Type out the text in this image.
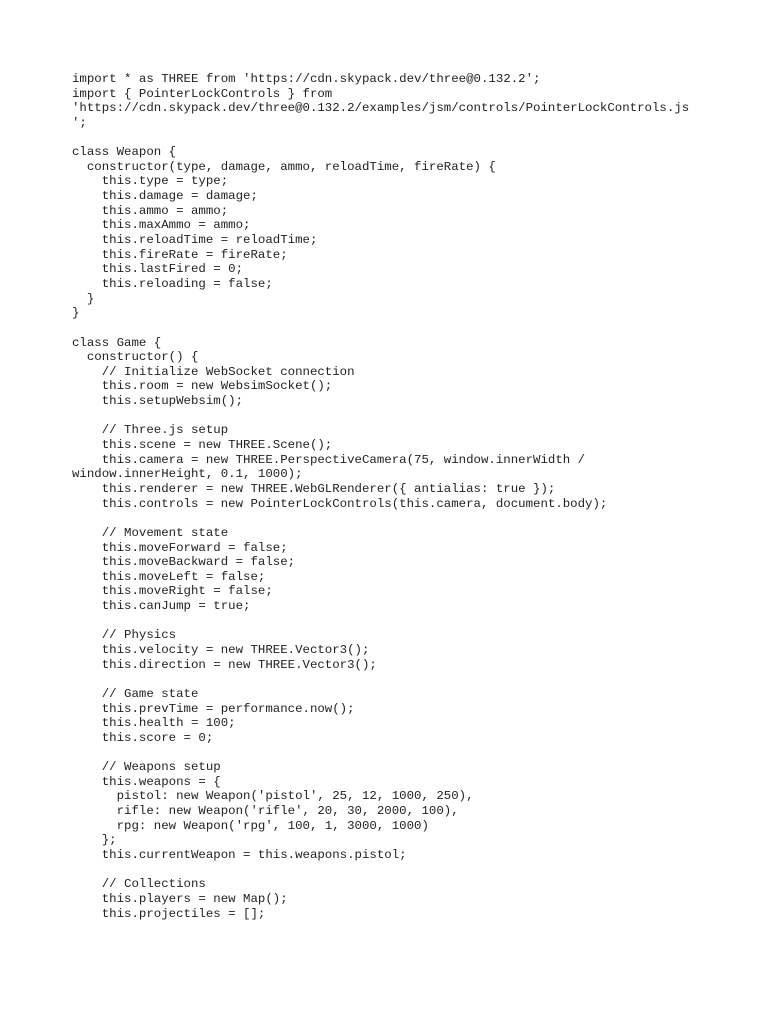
import * as THREE from 'https://cdn.skypack.dev/three@0.132.2';
import { PointerLockControls } from
'https://cdn.skypack.dev/three@0.132.2/examples/jsm/controls/PointerLockControls.js
';
class Weapon {
constructor(type, damage, ammo, reloadTime, fireRate) {
this.type = type;
this.damage = damage;
this.ammo = ammo;
this.maxAmmo = ammo;
this.reloadTime = reloadTime;
this.fireRate = fireRate;
this.lastFired = 0;
this.reloading = false;
}
}
class Game {
constructor() {
// Initialize WebSocket connection
this.room = new WebsimSocket();
this.setupWebsim();
// Three.js setup
this.scene = new THREE.Scene();
this.camera = new THREE.PerspectiveCamera(75, window.innerWidth /
window.innerHeight, 0.1, 1000);
this.renderer = new THREE.WebGLRenderer({ antialias: true });
this.controls = new PointerLockControls(this.camera, document.body);
// Movement state
this.moveForward = false;
this.moveBackward = false;
this.moveLeft = false;
this.moveRight = false;
this.canJump = true;
// Physics
this.velocity = new THREE.Vector3();
this.direction = new THREE.Vector3();
// Game state
this.prevTime = performance.now();
this.health = 100;
this.score = 0;
// Weapons setup
this.weapons = {
pistol: new Weapon('pistol', 25, 12, 1000, 250),
rifle: new Weapon('rifle', 20, 30, 2000, 100),
rpg: new Weapon('rpg', 100, 1, 3000, 1000)
};
this.currentWeapon = this.weapons.pistol;
// Collections
this.players = new Map();
this.projectiles = [];
